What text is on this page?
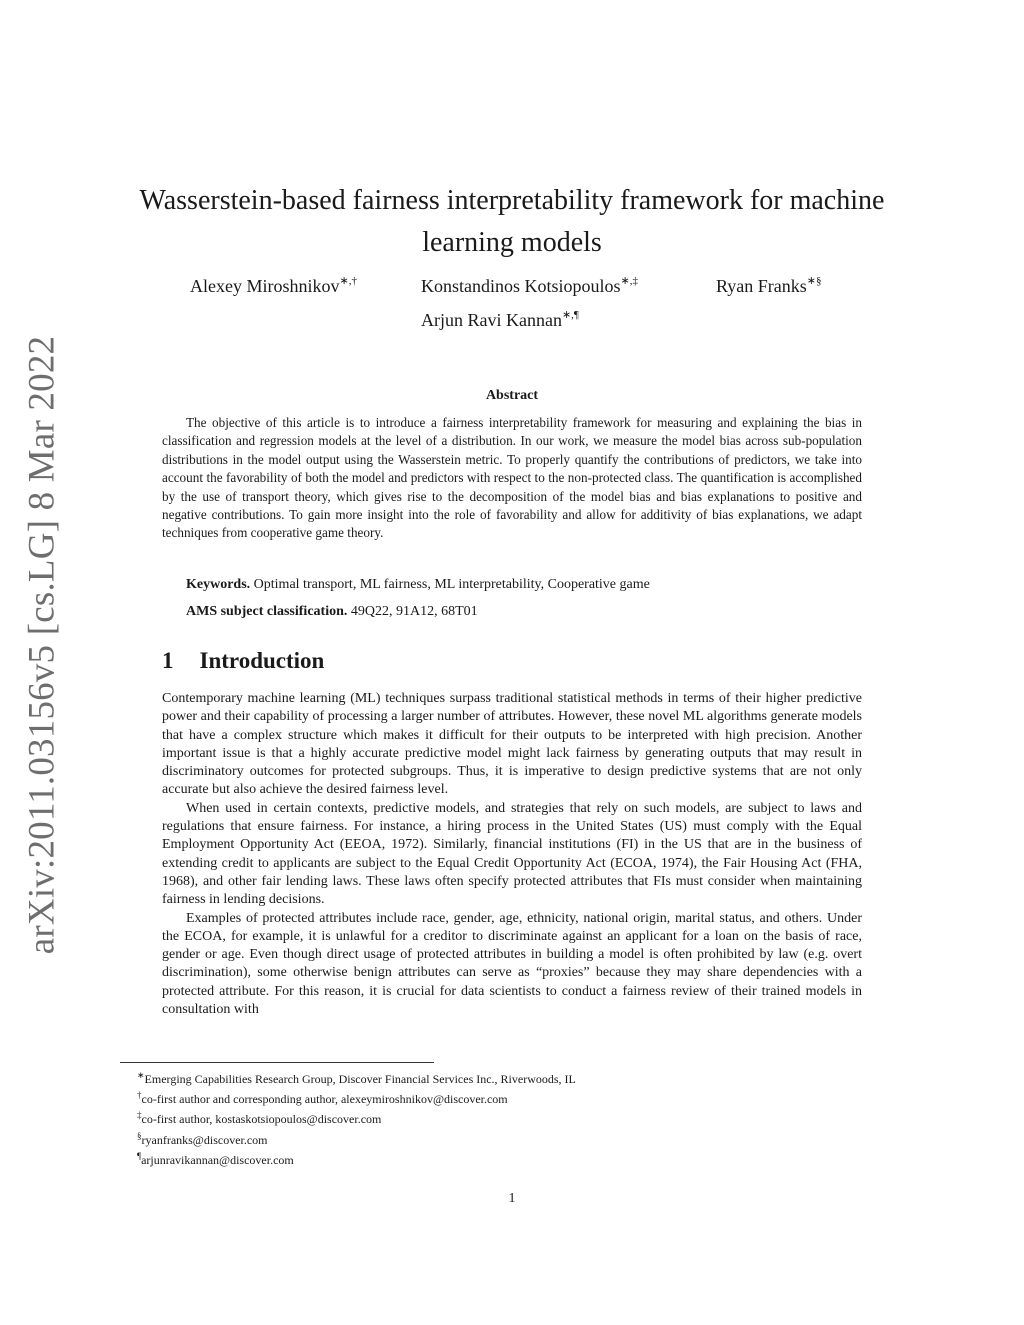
arXiv:2011.03156v5 [cs.LG] 8 Mar 2022
Wasserstein-based fairness interpretability framework for machine learning models
Alexey Miroshnikov∗,†	Konstandinos Kotsiopoulos∗,‡	Ryan Franks∗§
Arjun Ravi Kannan∗,¶
Abstract

The objective of this article is to introduce a fairness interpretability framework for measuring and explaining the bias in classification and regression models at the level of a distribution. In our work, we measure the model bias across sub-population distributions in the model output using the Wasserstein metric. To properly quantify the contributions of predictors, we take into account the favorability of both the model and predictors with respect to the non-protected class. The quantification is accomplished by the use of transport theory, which gives rise to the decomposition of the model bias and bias explanations to positive and negative contributions. To gain more insight into the role of favorability and allow for additivity of bias explanations, we adapt techniques from cooperative game theory.

Keywords. Optimal transport, ML fairness, ML interpretability, Cooperative game
AMS subject classification. 49Q22, 91A12, 68T01
1 Introduction

Contemporary machine learning (ML) techniques surpass traditional statistical methods in terms of their higher predictive power and their capability of processing a larger number of attributes. However, these novel ML algorithms generate models that have a complex structure which makes it difficult for their outputs to be interpreted with high precision. Another important issue is that a highly accurate predictive model might lack fairness by generating outputs that may result in discriminatory outcomes for protected subgroups. Thus, it is imperative to design predictive systems that are not only accurate but also achieve the desired fairness level.

When used in certain contexts, predictive models, and strategies that rely on such models, are subject to laws and regulations that ensure fairness. For instance, a hiring process in the United States (US) must comply with the Equal Employment Opportunity Act (EEOA, 1972). Similarly, financial institutions (FI) in the US that are in the business of extending credit to applicants are subject to the Equal Credit Opportunity Act (ECOA, 1974), the Fair Housing Act (FHA, 1968), and other fair lending laws. These laws often specify protected attributes that FIs must consider when maintaining fairness in lending decisions.

Examples of protected attributes include race, gender, age, ethnicity, national origin, marital status, and others. Under the ECOA, for example, it is unlawful for a creditor to discriminate against an applicant for a loan on the basis of race, gender or age. Even though direct usage of protected attributes in building a model is often prohibited by law (e.g. overt discrimination), some otherwise benign attributes can serve as “proxies” because they may share dependencies with a protected attribute. For this reason, it is crucial for data scientists to conduct a fairness review of their trained models in consultation with

∗Emerging Capabilities Research Group, Discover Financial Services Inc., Riverwoods, IL
†co-first author and corresponding author, alexeymiroshnikov@discover.com
‡co-first author, kostaskotsiopoulos@discover.com
§ryanfranks@discover.com
¶arjunravikannan@discover.com
1
